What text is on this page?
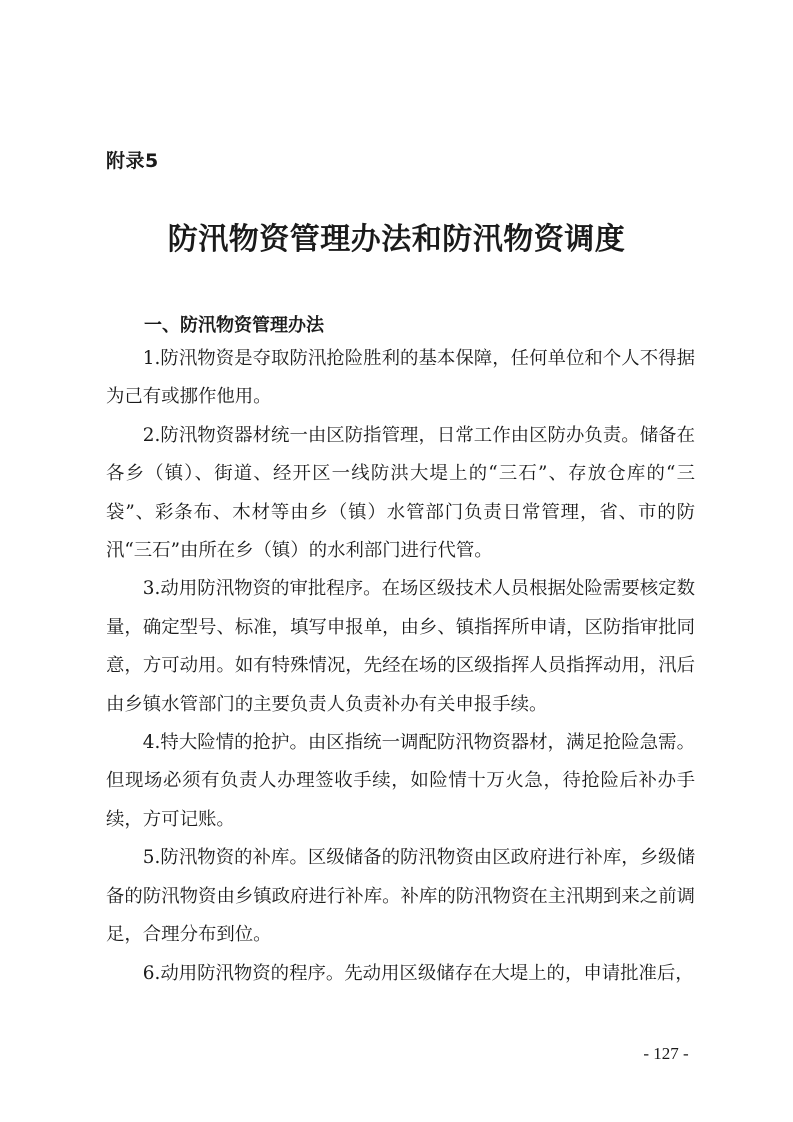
附录5
防汛物资管理办法和防汛物资调度
一、防汛物资管理办法

1.防汛物资是夺取防汛抢险胜利的基本保障，任何单位和个人不得据为己有或挪作他用。

2.防汛物资器材统一由区防指管理，日常工作由区防办负责。储备在各乡（镇）、街道、经开区一线防洪大堤上的“三石”、存放仓库的“三袋”、彩条布、木材等由乡（镇）水管部门负责日常管理，省、市的防汛“三石”由所在乡（镇）的水利部门进行代管。

3.动用防汛物资的审批程序。在场区级技术人员根据处险需要核定数量，确定型号、标准，填写申报单，由乡、镇指挥所申请，区防指审批同意，方可动用。如有特殊情况，先经在场的区级指挥人员指挥动用，汛后由乡镇水管部门的主要负责人负责补办有关申报手续。

4.特大险情的抢护。由区指统一调配防汛物资器材，满足抢险急需。但现场必须有负责人办理签收手续，如险情十万火急，待抢险后补办手续，方可记账。

5.防汛物资的补库。区级储备的防汛物资由区政府进行补库，乡级储备的防汛物资由乡镇政府进行补库。补库的防汛物资在主汛期到来之前调足，合理分布到位。

6.动用防汛物资的程序。先动用区级储存在大堤上的，申请批准后，

- 127 -
